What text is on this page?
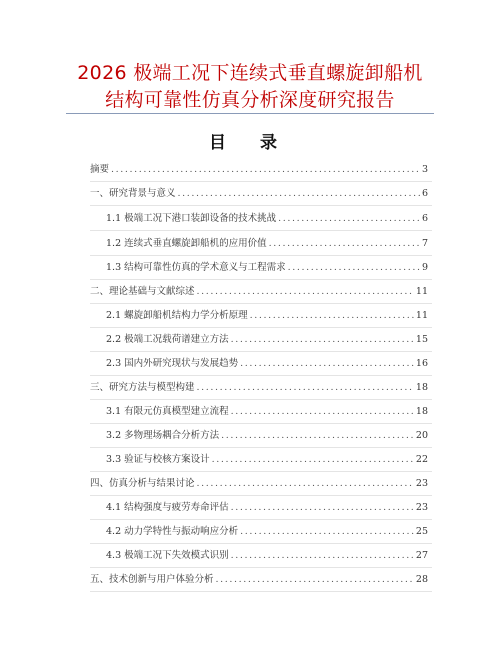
2026 极端工况下连续式垂直螺旋卸船机
结构可靠性仿真分析深度研究报告
目 录
摘要 .....	3
一、研究背景与意义 .....	6
1.1 极端工况下港口装卸设备的技术挑战 .....	6
1.2 连续式垂直螺旋卸船机的应用价值 .....	7
1.3 结构可靠性仿真的学术意义与工程需求 .....	9
二、理论基础与文献综述 .....	11
2.1 螺旋卸船机结构力学分析原理 .....	11
2.2 极端工况载荷谱建立方法 .....	15
2.3 国内外研究现状与发展趋势 .....	16
三、研究方法与模型构建 .....	18
3.1 有限元仿真模型建立流程 .....	18
3.2 多物理场耦合分析方法 .....	20
3.3 验证与校核方案设计 .....	22
四、仿真分析与结果讨论 .....	23
4.1 结构强度与疲劳寿命评估 .....	23
4.2 动力学特性与振动响应分析 .....	25
4.3 极端工况下失效模式识别 .....	27
五、技术创新与用户体验分析 .....	28
